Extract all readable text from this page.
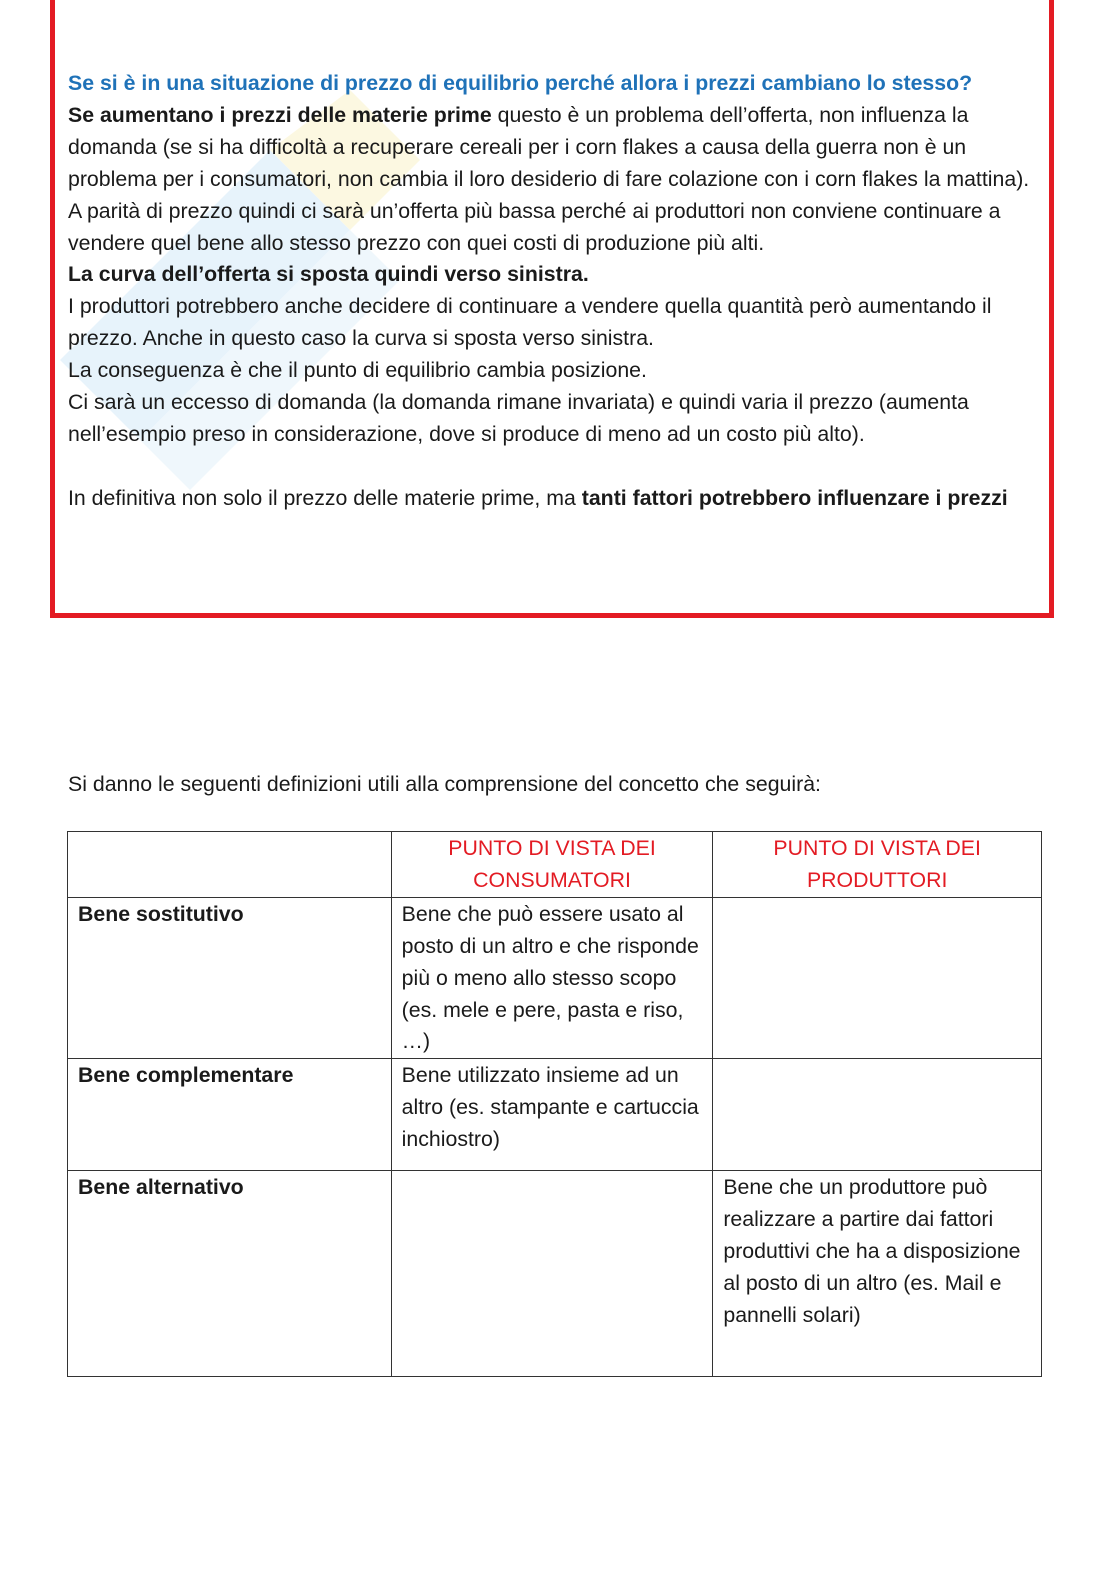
Se si è in una situazione di prezzo di equilibrio perché allora i prezzi cambiano lo stesso?

Se aumentano i prezzi delle materie prime questo è un problema dell’offerta, non influenza la domanda (se si ha difficoltà a recuperare cereali per i corn flakes a causa della guerra non è un problema per i consumatori, non cambia il loro desiderio di fare colazione con i corn flakes la mattina).

A parità di prezzo quindi ci sarà un’offerta più bassa perché ai produttori non conviene continuare a vendere quel bene allo stesso prezzo con quei costi di produzione più alti.

La curva dell’offerta si sposta quindi verso sinistra.

I produttori potrebbero anche decidere di continuare a vendere quella quantità però aumentando il prezzo. Anche in questo caso la curva si sposta verso sinistra.

La conseguenza è che il punto di equilibrio cambia posizione.

Ci sarà un eccesso di domanda (la domanda rimane invariata) e quindi varia il prezzo (aumenta nell’esempio preso in considerazione, dove si produce di meno ad un costo più alto).

In definitiva non solo il prezzo delle materie prime, ma tanti fattori potrebbero influenzare i prezzi

Si danno le seguenti definizioni utili alla comprensione del concetto che seguirà:

	PUNTO DI VISTA DEI CONSUMATORI	PUNTO DI VISTA DEI PRODUTTORI
Bene sostitutivo	Bene che può essere usato al posto di un altro e che risponde più o meno allo stesso scopo (es. mele e pere, pasta e riso, …)	
Bene complementare	Bene utilizzato insieme ad un altro (es. stampante e cartuccia inchiostro)	
Bene alternativo		Bene che un produttore può realizzare a partire dai fattori produttivi che ha a disposizione al posto di un altro (es. Mail e pannelli solari)
